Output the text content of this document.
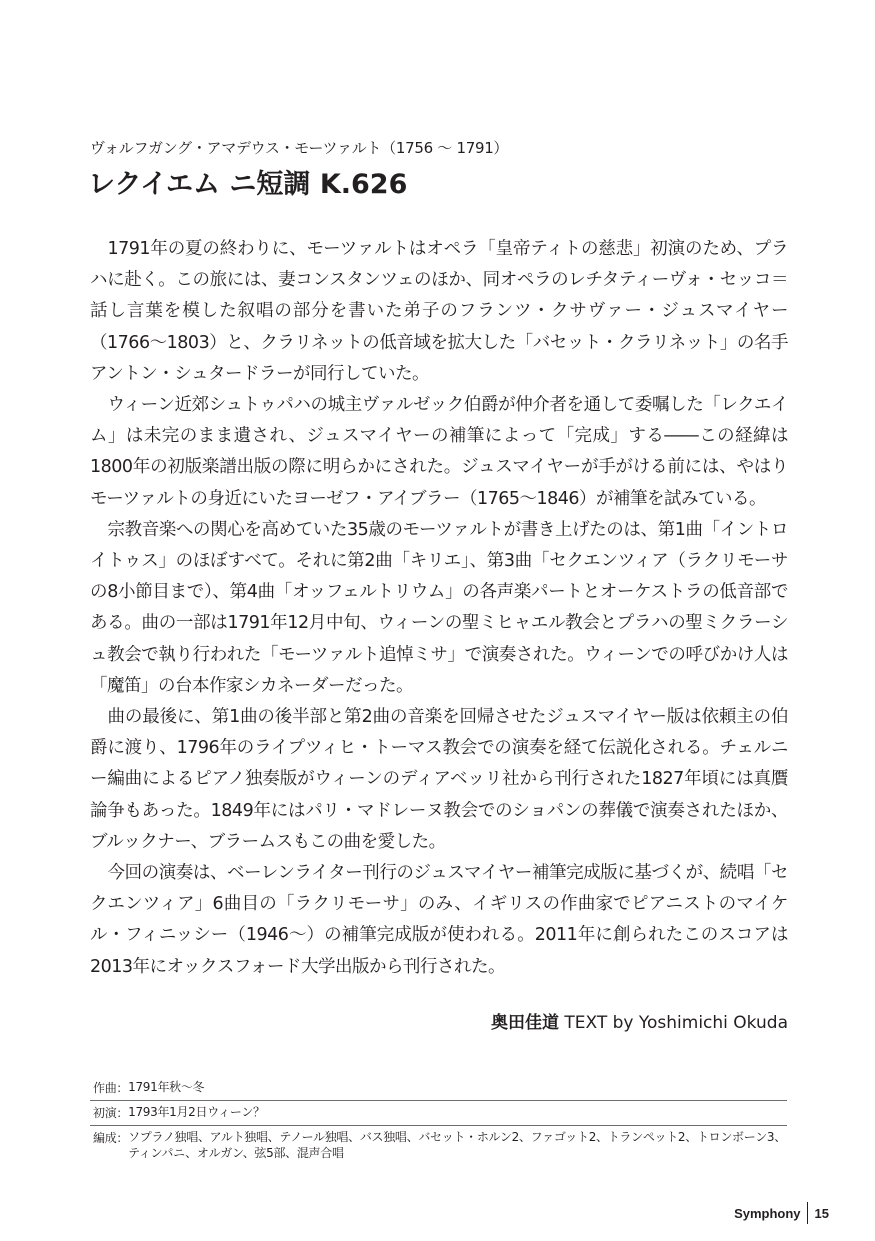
ヴォルフガング・アマデウス・モーツァルト（1756 ～ 1791）
レクイエム ニ短調 K.626

1791年の夏の終わりに、モーツァルトはオペラ「皇帝ティトの慈悲」初演のため、プラハに赴く。この旅には、妻コンスタンツェのほか、同オペラのレチタティーヴォ・セッコ＝話し言葉を模した叙唱の部分を書いた弟子のフランツ・クサヴァー・ジュスマイヤー（1766～1803）と、クラリネットの低音域を拡大した「バセット・クラリネット」の名手アントン・シュタードラーが同行していた。

ウィーン近郊シュトゥパハの城主ヴァルゼック伯爵が仲介者を通して委嘱した「レクエイム」は未完のまま遺され、ジュスマイヤーの補筆によって「完成」する――この経緯は1800年の初版楽譜出版の際に明らかにされた。ジュスマイヤーが手がける前には、やはりモーツァルトの身近にいたヨーゼフ・アイブラー（1765～1846）が補筆を試みている。

宗教音楽への関心を高めていた35歳のモーツァルトが書き上げたのは、第1曲「イントロイトゥス」のほぼすべて。それに第2曲「キリエ」、第3曲「セクエンツィア（ラクリモーサの8小節目まで）、第4曲「オッフェルトリウム」の各声楽パートとオーケストラの低音部である。曲の一部は1791年12月中旬、ウィーンの聖ミヒャエル教会とプラハの聖ミクラーシュ教会で執り行われた「モーツァルト追悼ミサ」で演奏された。ウィーンでの呼びかけ人は「魔笛」の台本作家シカネーダーだった。

曲の最後に、第1曲の後半部と第2曲の音楽を回帰させたジュスマイヤー版は依頼主の伯爵に渡り、1796年のライプツィヒ・トーマス教会での演奏を経て伝説化される。チェルニー編曲によるピアノ独奏版がウィーンのディアベッリ社から刊行された1827年頃には真贋論争もあった。1849年にはパリ・マドレーヌ教会でのショパンの葬儀で演奏されたほか、ブルックナー、ブラームスもこの曲を愛した。

今回の演奏は、ベーレンライター刊行のジュスマイヤー補筆完成版に基づくが、続唱「セクエンツィア」6曲目の「ラクリモーサ」のみ、イギリスの作曲家でピアニストのマイケル・フィニッシー（1946～）の補筆完成版が使われる。2011年に創られたこのスコアは2013年にオックスフォード大学出版から刊行された。

奥田佳道 TEXT by Yoshimichi Okuda
作曲： 1791年秋～冬
初演： 1793年1月2日ウィーン？
編成： ソプラノ独唱、アルト独唱、テノール独唱、バス独唱、バセット・ホルン2、ファゴット2、トランペット2、トロンボーン3、ティンパニ、オルガン、弦5部、混声合唱
Symphony 15
